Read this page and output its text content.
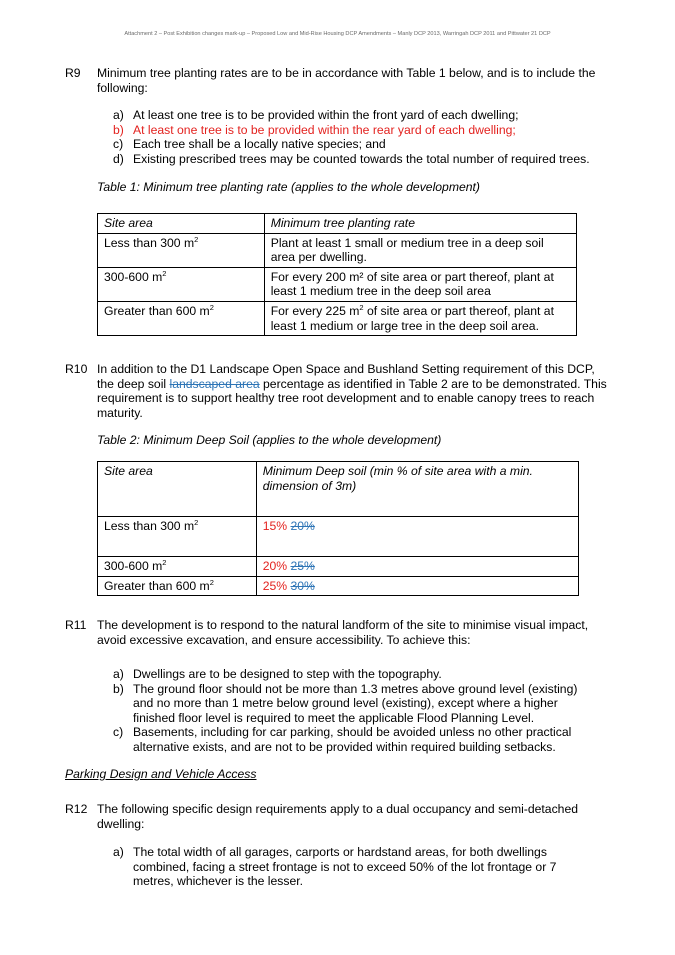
Attachment 2 – Post Exhibition changes mark-up – Proposed Low and Mid-Rise Housing DCP Amendments – Manly DCP 2013, Warringah DCP 2011 and Pittwater 21 DCP
R9 Minimum tree planting rates are to be in accordance with Table 1 below, and is to include the following:
a) At least one tree is to be provided within the front yard of each dwelling;
b) At least one tree is to be provided within the rear yard of each dwelling;
c) Each tree shall be a locally native species; and
d) Existing prescribed trees may be counted towards the total number of required trees.
Table 1: Minimum tree planting rate (applies to the whole development)
Site area	Minimum tree planting rate
Less than 300 $m^2$	Plant at least 1 small or medium tree in a deep soil area per dwelling.
300-600 $m^2$	For every 200 m² of site area or part thereof, plant at least 1 medium tree in the deep soil area
Greater than 600 $m^2$	For every 225 $m^2$ of site area or part thereof, plant at least 1 medium or large tree in the deep soil area.
R10 In addition to the D1 Landscape Open Space and Bushland Setting requirement of this DCP, the deep soil landscaped area percentage as identified in Table 2 are to be demonstrated. This requirement is to support healthy tree root development and to enable canopy trees to reach maturity.
Table 2: Minimum Deep Soil (applies to the whole development)
Site area	Minimum Deep soil (min % of site area with a min. dimension of 3m)
Less than 300 $m^2$	15% 20%
300-600 $m^2$	20% 25%
Greater than 600 $m^2$	25% 30%
R11 The development is to respond to the natural landform of the site to minimise visual impact, avoid excessive excavation, and ensure accessibility. To achieve this:
a) Dwellings are to be designed to step with the topography.
b) The ground floor should not be more than 1.3 metres above ground level (existing) and no more than 1 metre below ground level (existing), except where a higher finished floor level is required to meet the applicable Flood Planning Level.
c) Basements, including for car parking, should be avoided unless no other practical alternative exists, and are not to be provided within required building setbacks.
Parking Design and Vehicle Access
R12 The following specific design requirements apply to a dual occupancy and semi-detached dwelling:
a) The total width of all garages, carports or hardstand areas, for both dwellings combined, facing a street frontage is not to exceed 50% of the lot frontage or 7 metres, whichever is the lesser.
